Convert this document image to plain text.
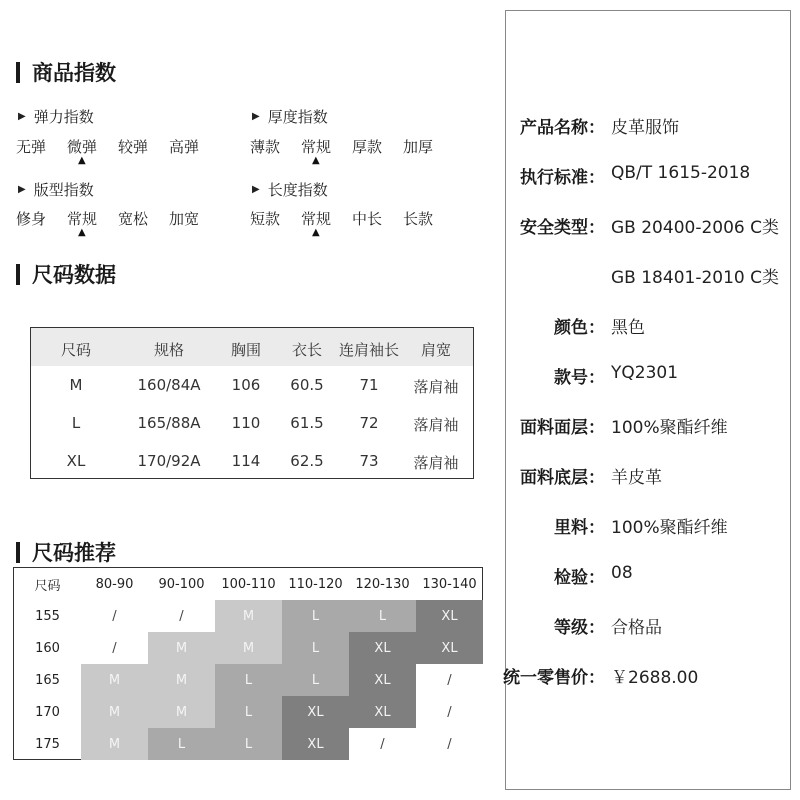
商品指数
尺码数据
尺码推荐
▶ 弹力指数
无弹 微弹 较弹 高弹
▲
▶ 厚度指数
薄款 常规 厚款 加厚
▲
▶ 版型指数
修身 常规 宽松 加宽
▲
▶ 长度指数
短款 常规 中长 长款
▲
尺码	规格	胸围 衣长 连肩袖长 肩宽
M	160/84A 106 60.5 71 落肩袖
L	165/88A 110 61.5 72 落肩袖
XL	170/92A 114 62.5 73 落肩袖
尺码	80-90	90-100	100-110 110-120 120-130 130-140
155	/	/	M	L	L	XL
160	/	M	M	L	XL	XL
165	M	M	L	L	XL	/
170	M	M	L	XL	XL	/
175	M	L	L	XL	/	/
产品名称： 皮革服饰
执行标准： QB/T 1615-2018
安全类型： GB 20400-2006 C类
GB 18401-2010 C类
颜色： 黑色
款号： YQ2301
面料面层： 100%聚酯纤维
面料底层： 羊皮革
里料： 100%聚酯纤维
检验： 08
等级： 合格品
统一零售价： ￥2688.00
